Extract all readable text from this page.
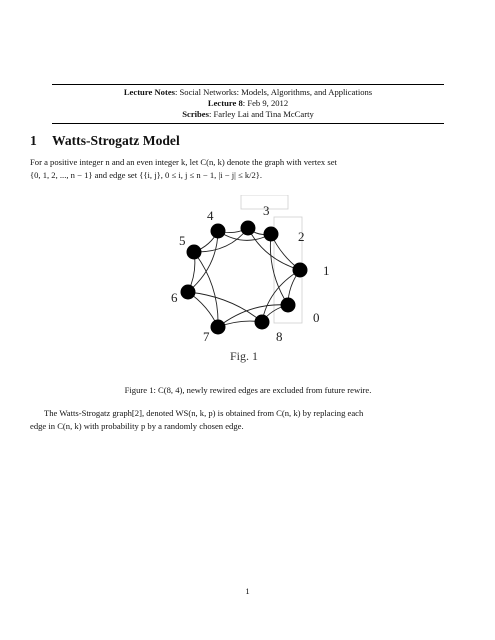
Lecture Notes: Social Networks: Models, Algorithms, and Applications
Lecture 8: Feb 9, 2012
Scribes: Farley Lai and Tina McCarty
1 Watts-Strogatz Model
For a positive integer n and an even integer k, let C(n, k) denote the graph with vertex set
{0, 1, 2, ..., n − 1} and edge set {{i, j}, 0 ≤ i, j ≤ n − 1, |i − j| ≤ k/2}.
0
1
2
3
4
5
6
7	8
Fig. 1
Figure 1: C(8, 4), newly rewired edges are excluded from future rewire.
The Watts-Strogatz graph[2], denoted WS(n, k, p) is obtained from C(n, k) by replacing each
edge in C(n, k) with probability p by a randomly chosen edge.
1
